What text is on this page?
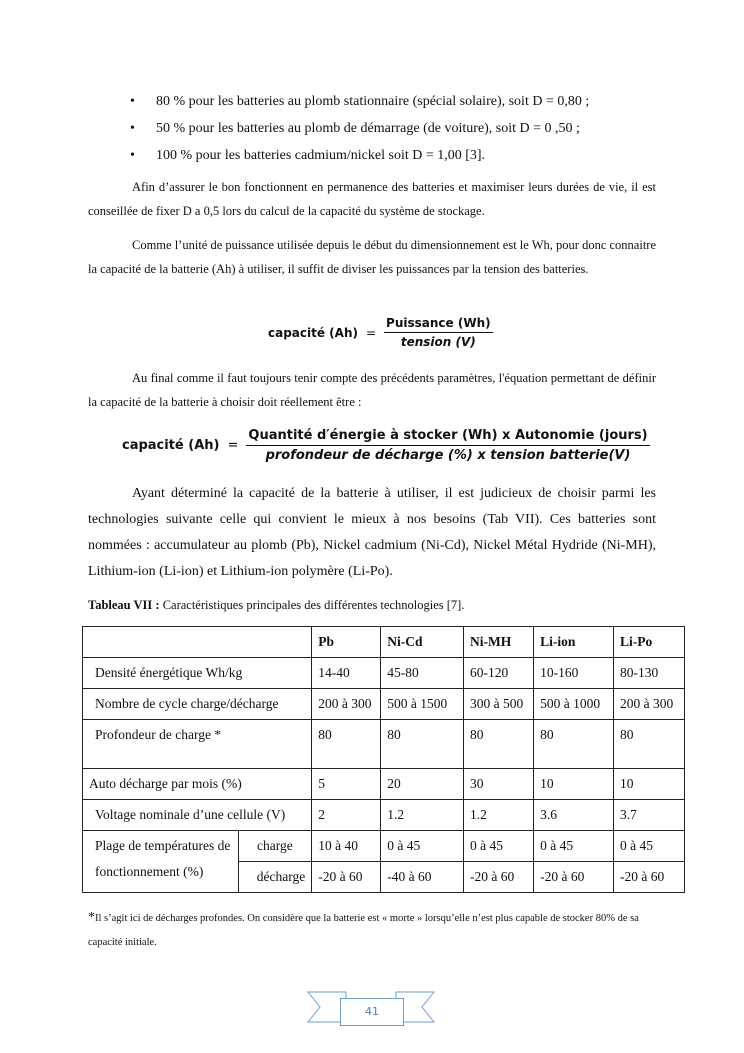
•	80 % pour les batteries au plomb stationnaire (spécial solaire), soit D = 0,80 ;
•	50 % pour les batteries au plomb de démarrage (de voiture), soit D = 0 ,50 ;
•	100 % pour les batteries cadmium/nickel soit D = 1,00 [3].
Afin d’assurer le bon fonctionnent en permanence des batteries et maximiser leurs durées de vie, il est conseillée de fixer D a 0,5 lors du calcul de la capacité du système de stockage.
Comme l’unité de puissance utilisée depuis le début du dimensionnement est le Wh, pour donc connaitre la capacité de la batterie (Ah) à utiliser, il suffit de diviser les puissances par la tension des batteries.
capacité $(Ah) = \frac{\text{Puissance (Wh)}}{\text{tension (V)}}$
Au final comme il faut toujours tenir compte des précédents paramètres, l'équation permettant de définir la capacité de la batterie à choisir doit réellement être :
capacité $(Ah) = \frac{\text{Quantité d′énergie à stocker (Wh) x Autonomie (jours)}}{\text{profondeur de décharge (\%) x tension batterie(V)}}$
Ayant déterminé la capacité de la batterie à utiliser, il est judicieux de choisir parmi les technologies suivante celle qui convient le mieux à nos besoins (Tab VII). Ces batteries sont nommées : accumulateur au plomb (Pb), Nickel cadmium (Ni-Cd), Nickel Métal Hydride (Ni-MH), Lithium-ion (Li-ion) et Lithium-ion polymère (Li-Po).
Tableau VII : Caractéristiques principales des différentes technologies [7].
		Pb	Ni-Cd	Ni-MH	Li-ion	Li-Po
Densité énergétique Wh/kg		14-40	45-80	60-120	10-160	80-130
Nombre de cycle charge/décharge		200 à 300	500 à 1500	300 à 500	500 à 1000	200 à 300
Profondeur de charge *		80	80	80	80	80
Auto décharge par mois (%)		5	20	30	10	10
Voltage nominale d’une cellule (V)		2	1.2	1.2	3.6	3.7
Plage de températures de fonctionnement (%)	charge	10 à 40	0 à 45	0 à 45	0 à 45	0 à 45
	décharge	-20 à 60	-40 à 60	-20 à 60	-20 à 60	-20 à 60
*Il s’agit ici de décharges profondes. On considère que la batterie est « morte » lorsqu’elle n’est plus capable de stocker 80% de sa capacité initiale.
41
